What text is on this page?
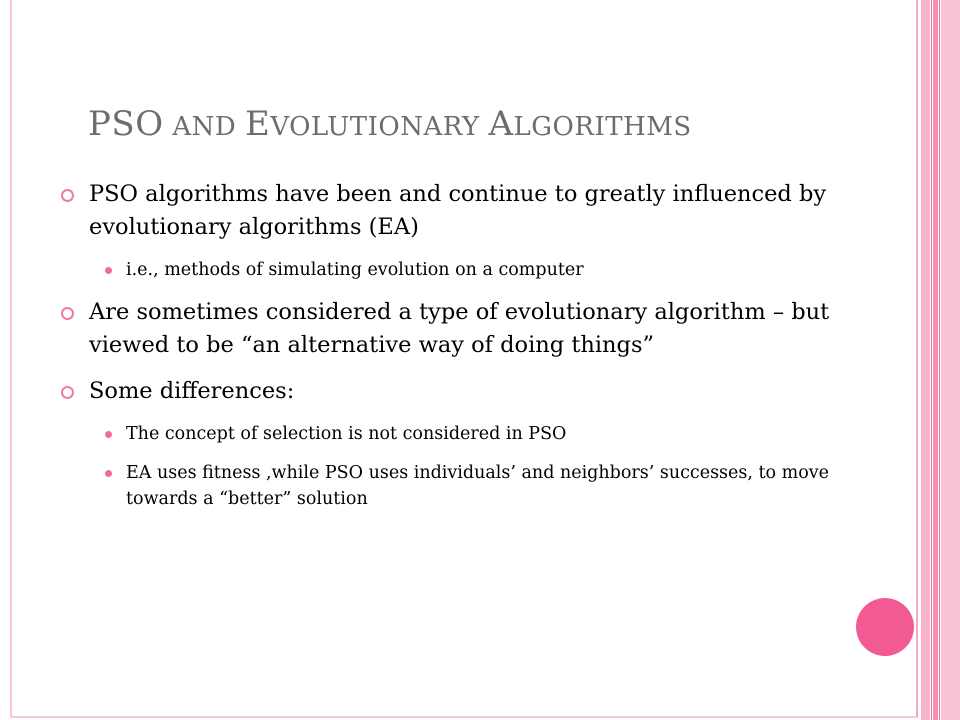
PSO AND EVOLUTIONARY ALGORITHMS
PSO algorithms have been and continue to greatly influenced by evolutionary algorithms (EA)
i.e., methods of simulating evolution on a computer
Are sometimes considered a type of evolutionary algorithm – but viewed to be “an alternative way of doing things”
Some differences:
The concept of selection is not considered in PSO
EA uses fitness ,while PSO uses individuals’ and neighbors’ successes, to move towards a “better” solution
